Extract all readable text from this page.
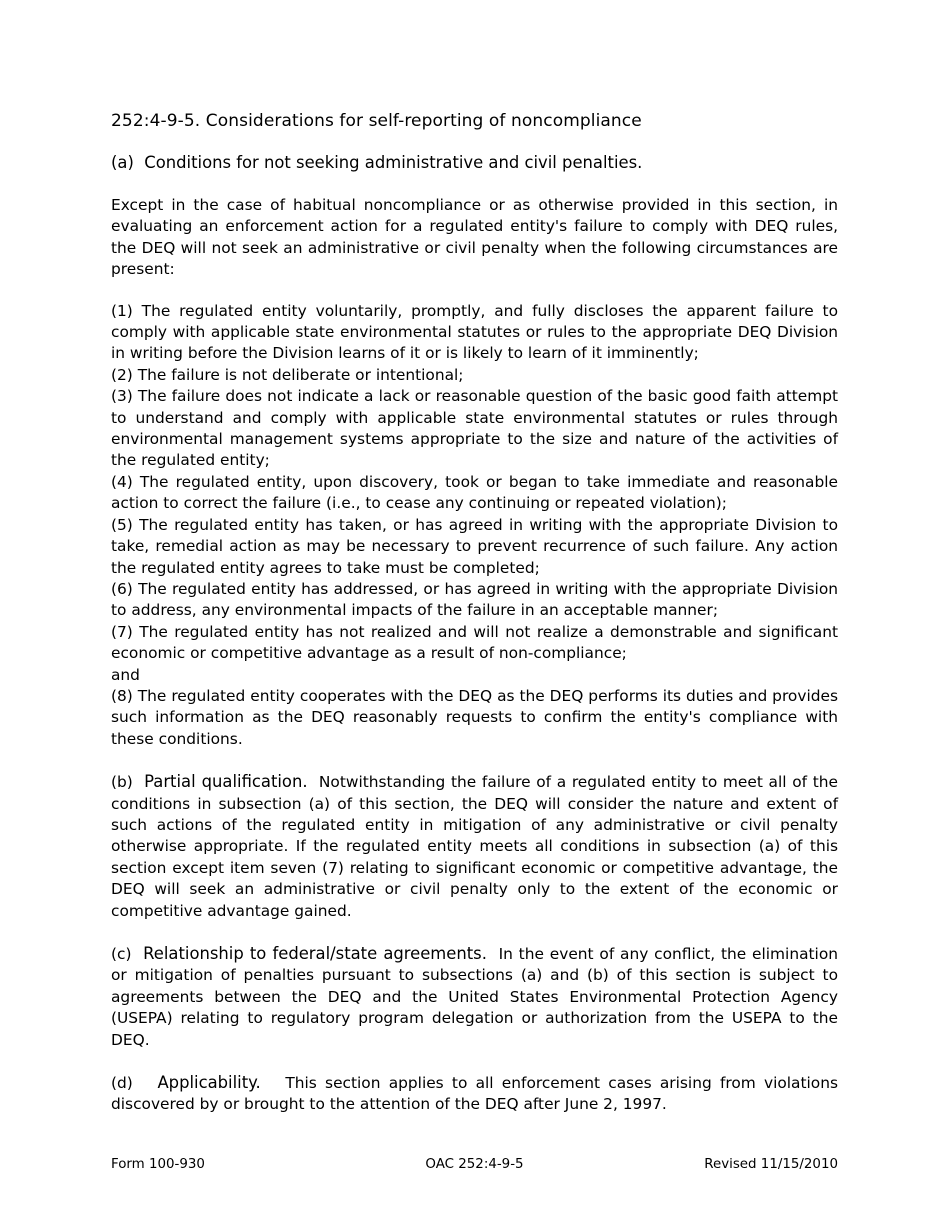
252:4-9-5. Considerations for self-reporting of noncompliance
(a) Conditions for not seeking administrative and civil penalties.
Except in the case of habitual noncompliance or as otherwise provided in this section, in evaluating an enforcement action for a regulated entity's failure to comply with DEQ rules, the DEQ will not seek an administrative or civil penalty when the following circumstances are present:
(1) The regulated entity voluntarily, promptly, and fully discloses the apparent failure to comply with applicable state environmental statutes or rules to the appropriate DEQ Division in writing before the Division learns of it or is likely to learn of it imminently;
(2) The failure is not deliberate or intentional;
(3) The failure does not indicate a lack or reasonable question of the basic good faith attempt to understand and comply with applicable state environmental statutes or rules through environmental management systems appropriate to the size and nature of the activities of the regulated entity;
(4) The regulated entity, upon discovery, took or began to take immediate and reasonable action to correct the failure (i.e., to cease any continuing or repeated violation);
(5) The regulated entity has taken, or has agreed in writing with the appropriate Division to take, remedial action as may be necessary to prevent recurrence of such failure. Any action the regulated entity agrees to take must be completed;
(6) The regulated entity has addressed, or has agreed in writing with the appropriate Division to address, any environmental impacts of the failure in an acceptable manner;
(7) The regulated entity has not realized and will not realize a demonstrable and significant economic or competitive advantage as a result of non-compliance;
and
(8) The regulated entity cooperates with the DEQ as the DEQ performs its duties and provides such information as the DEQ reasonably requests to confirm the entity's compliance with these conditions.
(b) Partial qualification. Notwithstanding the failure of a regulated entity to meet all of the conditions in subsection (a) of this section, the DEQ will consider the nature and extent of such actions of the regulated entity in mitigation of any administrative or civil penalty otherwise appropriate. If the regulated entity meets all conditions in subsection (a) of this section except item seven (7) relating to significant economic or competitive advantage, the DEQ will seek an administrative or civil penalty only to the extent of the economic or competitive advantage gained.
(c) Relationship to federal/state agreements. In the event of any conflict, the elimination or mitigation of penalties pursuant to subsections (a) and (b) of this section is subject to agreements between the DEQ and the United States Environmental Protection Agency (USEPA) relating to regulatory program delegation or authorization from the USEPA to the DEQ.
(d) Applicability. This section applies to all enforcement cases arising from violations discovered by or brought to the attention of the DEQ after June 2, 1997.
Form 100-930	OAC 252:4-9-5	Revised 11/15/2010
